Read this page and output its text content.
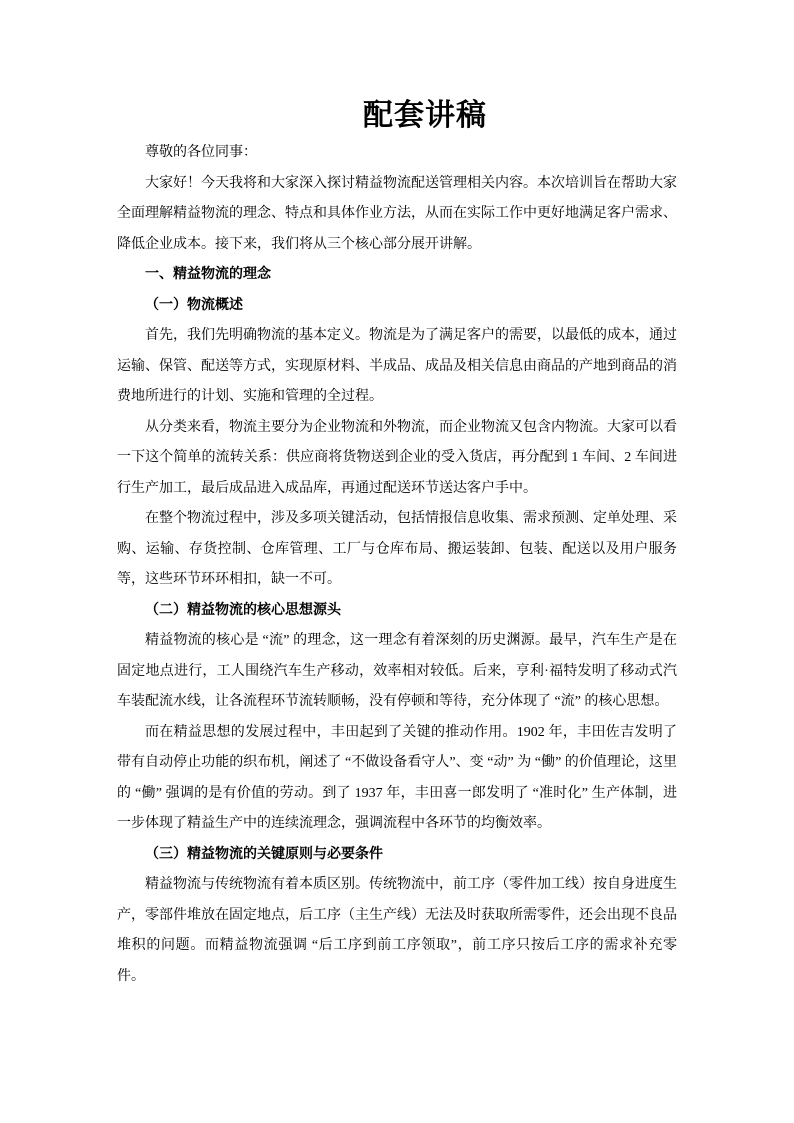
配套讲稿

尊敬的各位同事：

大家好！今天我将和大家深入探讨精益物流配送管理相关内容。本次培训旨在帮助大家全面理解精益物流的理念、特点和具体作业方法，从而在实际工作中更好地满足客户需求、降低企业成本。接下来，我们将从三个核心部分展开讲解。

一、精益物流的理念

（一）物流概述

首先，我们先明确物流的基本定义。物流是为了满足客户的需要，以最低的成本，通过运输、保管、配送等方式，实现原材料、半成品、成品及相关信息由商品的产地到商品的消费地所进行的计划、实施和管理的全过程。

从分类来看，物流主要分为企业物流和外物流，而企业物流又包含内物流。大家可以看一下这个简单的流转关系：供应商将货物送到企业的受入货店，再分配到 1 车间、2 车间进行生产加工，最后成品进入成品库，再通过配送环节送达客户手中。

在整个物流过程中，涉及多项关键活动，包括情报信息收集、需求预测、定单处理、采购、运输、存货控制、仓库管理、工厂与仓库布局、搬运装卸、包装、配送以及用户服务等，这些环节环环相扣，缺一不可。

（二）精益物流的核心思想源头

精益物流的核心是 “流” 的理念，这一理念有着深刻的历史渊源。最早，汽车生产是在固定地点进行，工人围绕汽车生产移动，效率相对较低。后来，亨利·福特发明了移动式汽车装配流水线，让各流程环节流转顺畅，没有停顿和等待，充分体现了 “流” 的核心思想。

而在精益思想的发展过程中，丰田起到了关键的推动作用。1902 年，丰田佐吉发明了带有自动停止功能的织布机，阐述了 “不做设备看守人”、变 “动” 为 “働” 的价值理论，这里的 “働” 强调的是有价值的劳动。到了 1937 年，丰田喜一郎发明了 “准时化” 生产体制，进一步体现了精益生产中的连续流理念，强调流程中各环节的均衡效率。

（三）精益物流的关键原则与必要条件

精益物流与传统物流有着本质区别。传统物流中，前工序（零件加工线）按自身进度生产，零部件堆放在固定地点，后工序（主生产线）无法及时获取所需零件，还会出现不良品堆积的问题。而精益物流强调 “后工序到前工序领取”，前工序只按后工序的需求补充零件。
